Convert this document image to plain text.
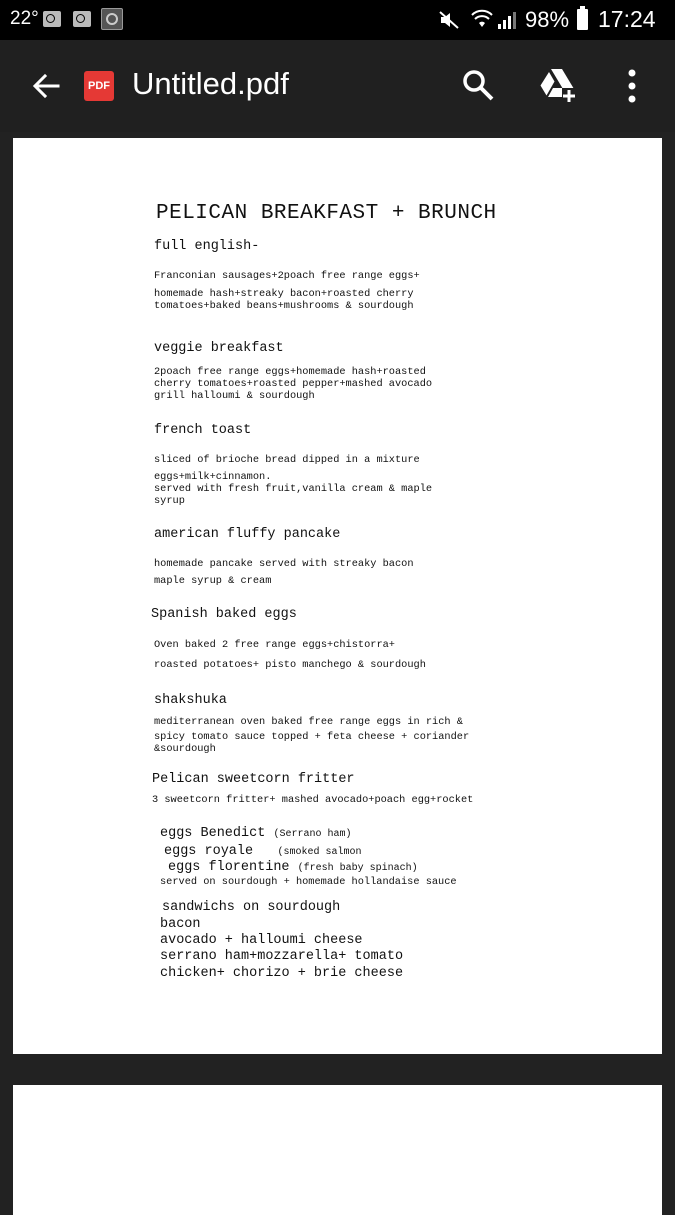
22°	98% 17:24
PDF Untitled.pdf
PELICAN BREAKFAST + BRUNCH
full english-
Franconian sausages+2poach free range eggs+
homemade hash+streaky bacon+roasted cherry
tomatoes+baked beans+mushrooms & sourdough
veggie breakfast
2poach free range eggs+homemade hash+roasted
cherry tomatoes+roasted pepper+mashed avocado
grill halloumi & sourdough
french toast
sliced of brioche bread dipped in a mixture
eggs+milk+cinnamon.
served with fresh fruit,vanilla cream & maple
syrup
american fluffy pancake
homemade pancake served with streaky bacon
maple syrup & cream
Spanish baked eggs
Oven baked 2 free range eggs+chistorra+
roasted potatoes+ pisto manchego & sourdough
shakshuka
mediterranean oven baked free range eggs in rich &
spicy tomato sauce topped + feta cheese + coriander
&sourdough
Pelican sweetcorn fritter
3 sweetcorn fritter+ mashed avocado+poach egg+rocket
eggs Benedict (Serrano ham)
eggs royale (smoked salmon
eggs florentine (fresh baby spinach)
served on sourdough + homemade hollandaise sauce
sandwichs on sourdough
bacon
avocado + halloumi cheese
serrano ham+mozzarella+ tomato
chicken+ chorizo + brie cheese
